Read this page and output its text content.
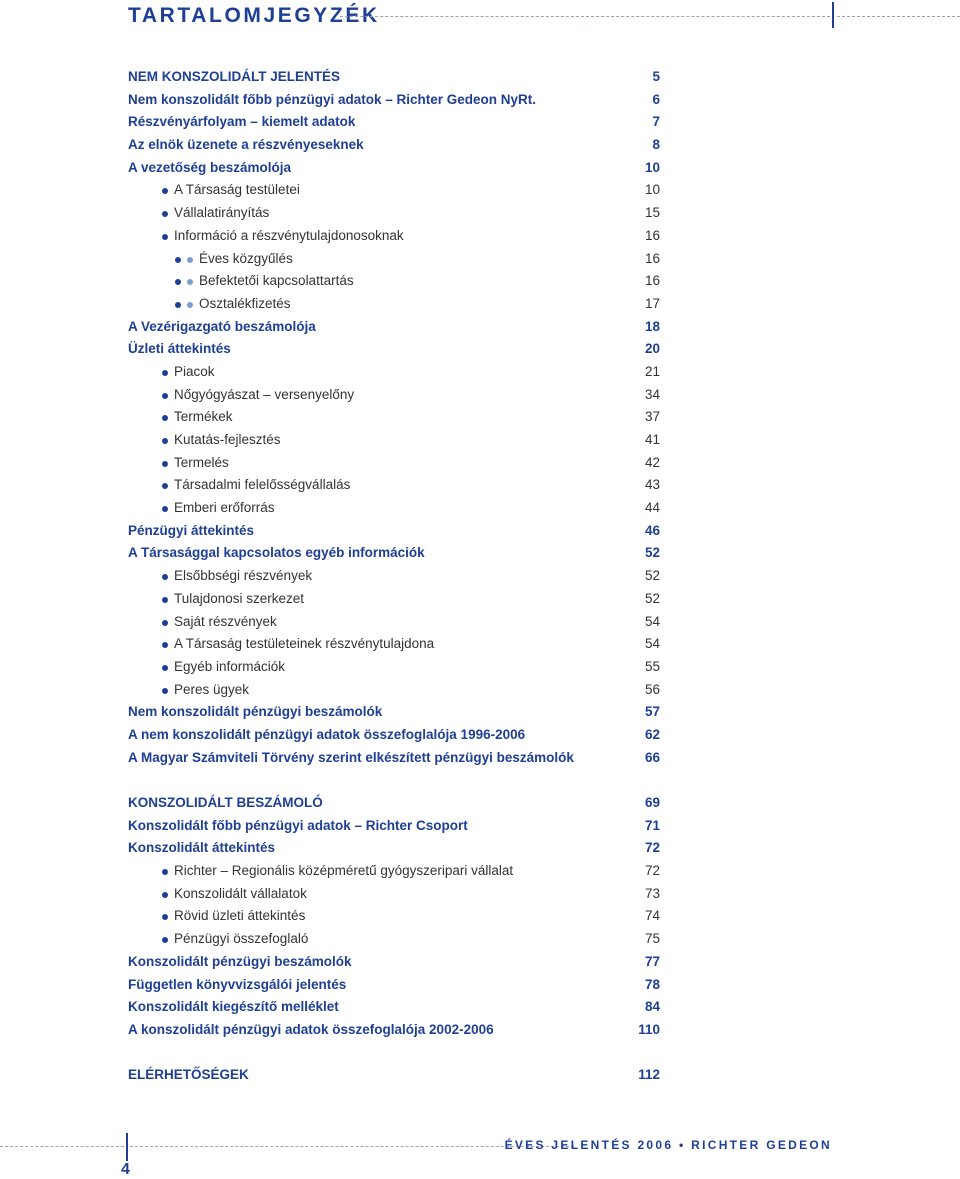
TARTALOMJEGYZÉK
NEM KONSZOLIDÁLT JELENTÉS	5
Nem konszolidált főbb pénzügyi adatok – Richter Gedeon NyRt.	6
Részvényárfolyam – kiemelt adatok	7
Az elnök üzenete a részvényeseknek	8
A vezetőség beszámolója	10
A Társaság testületei	10
Vállalatirányítás	15
Információ a részvénytulajdonosoknak	16
Éves közgyűlés	16
Befektetői kapcsolattartás	16
Osztalékfizetés	17
A Vezérigazgató beszámolója	18
Üzleti áttekintés	20
Piacok	21
Nőgyógyászat – versenyelőny	34
Termékek	37
Kutatás-fejlesztés	41
Termelés	42
Társadalmi felelősségvállalás	43
Emberi erőforrás	44
Pénzügyi áttekintés	46
A Társasággal kapcsolatos egyéb információk	52
Elsőbbségi részvények	52
Tulajdonosi szerkezet	52
Saját részvények	54
A Társaság testületeinek részvénytulajdona	54
Egyéb információk	55
Peres ügyek	56
Nem konszolidált pénzügyi beszámolók	57
A nem konszolidált pénzügyi adatok összefoglalója 1996-2006	62
A Magyar Számviteli Törvény szerint elkészített pénzügyi beszámolók	66
KONSZOLIDÁLT BESZÁMOLÓ	69
Konszolidált főbb pénzügyi adatok – Richter Csoport	71
Konszolidált áttekintés	72
Richter – Regionális középméretű gyógyszeripari vállalat	72
Konszolidált vállalatok	73
Rövid üzleti áttekintés	74
Pénzügyi összefoglaló	75
Konszolidált pénzügyi beszámolók	77
Független könyvvizsgálói jelentés	78
Konszolidált kiegészítő melléklet	84
A konszolidált pénzügyi adatok összefoglalója 2002-2006	110
ELÉRHETŐSÉGEK	112
ÉVES JELENTÉS 2006 • RICHTER GEDEON
4
